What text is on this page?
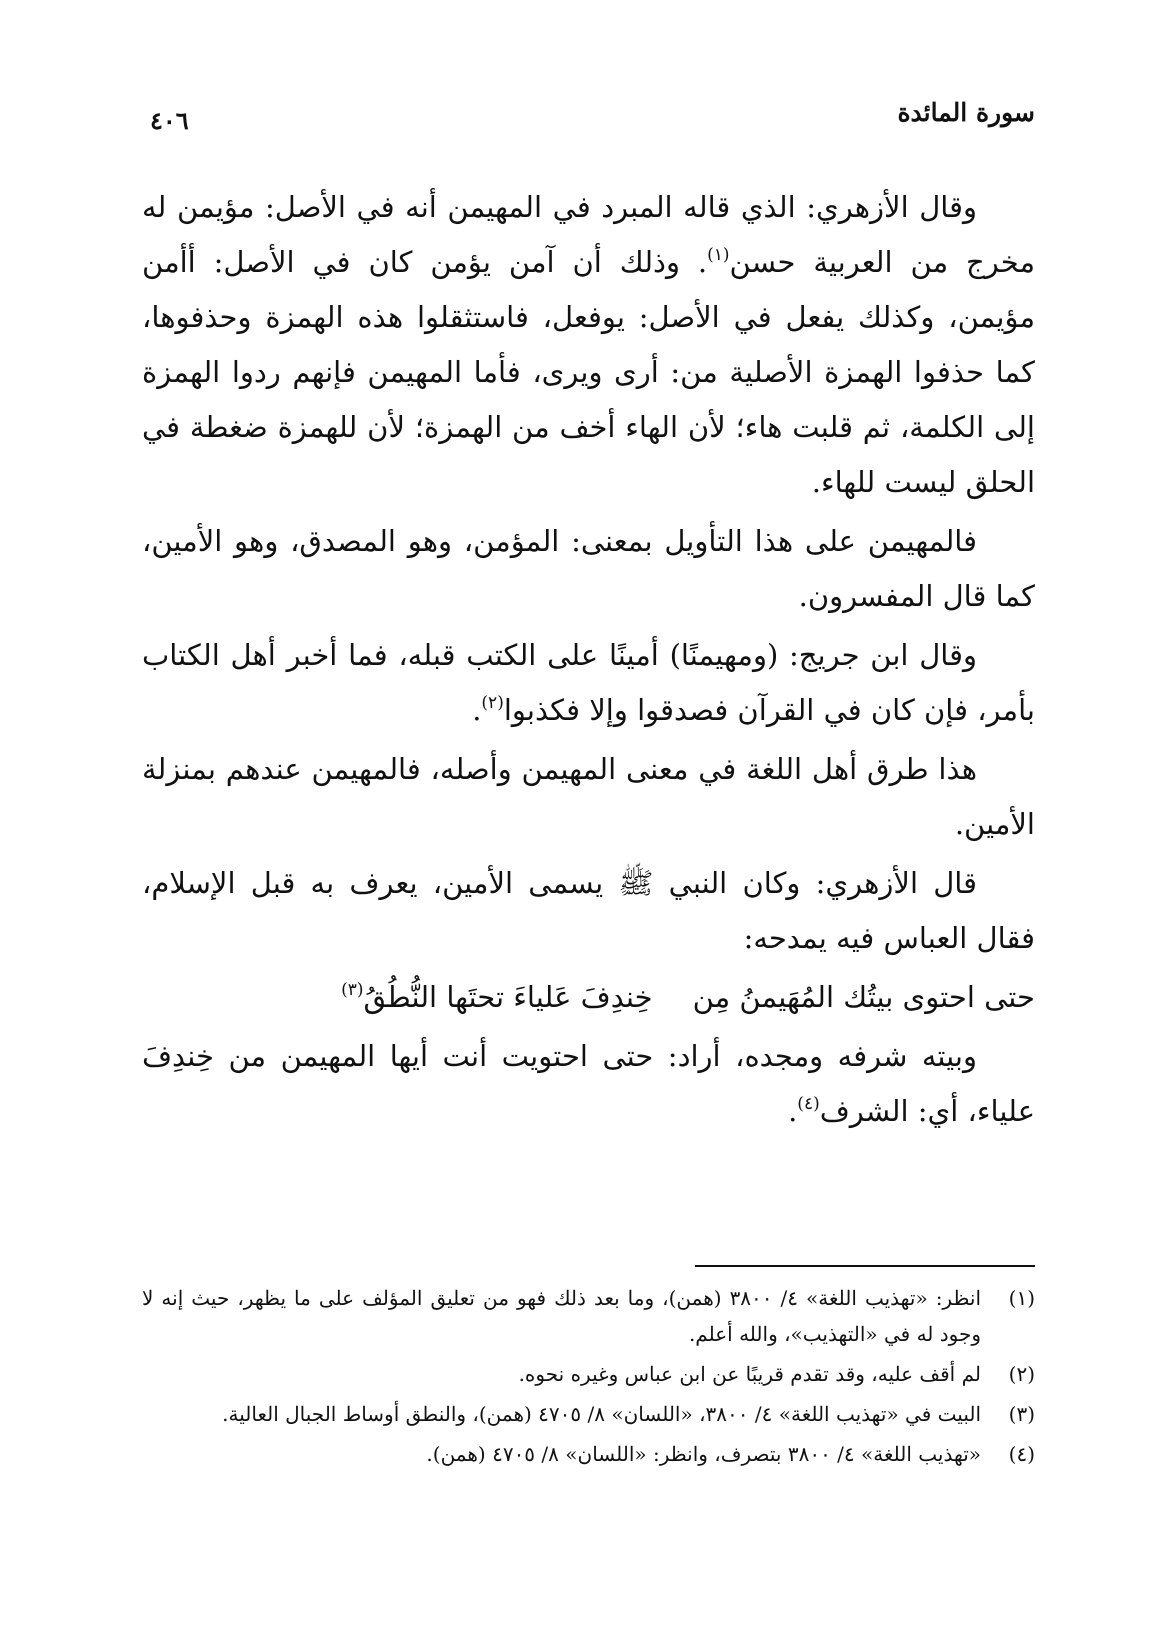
سورة المائدة
٤٠٦

وقال الأزهري: الذي قاله المبرد في المهيمن أنه في الأصل: مؤيمن له مخرج من العربية حسن$^{(١)}$. وذلك أن آمن يؤمن كان في الأصل: أأمن مؤيمن، وكذلك يفعل في الأصل: يوفعل، فاستثقلوا هذه الهمزة وحذفوها، كما حذفوا الهمزة الأصلية من: أرى ويرى، فأما المهيمن فإنهم ردوا الهمزة إلى الكلمة، ثم قلبت هاء؛ لأن الهاء أخف من الهمزة؛ لأن للهمزة ضغطة في الحلق ليست للهاء.

فالمهيمن على هذا التأويل بمعنى: المؤمن، وهو المصدق، وهو الأمين، كما قال المفسرون.

وقال ابن جريج: (ومهيمنًا) أمينًا على الكتب قبله، فما أخبر أهل الكتاب بأمر، فإن كان في القرآن فصدقوا وإلا فكذبوا$^{(٢)}$.

هذا طرق أهل اللغة في معنى المهيمن وأصله، فالمهيمن عندهم بمنزلة الأمين.

قال الأزهري: وكان النبي ﷺ يسمى الأمين، يعرف به قبل الإسلام، فقال العباس فيه يمدحه:

حتى احتوى بيتُك المُهَيمنُ مِنخِندِفَ عَلياءَ تحتَها النُّطُقُ$^{(٣)}$

وبيته شرفه ومجده، أراد: حتى احتويت أنت أيها المهيمن من خِندِفَ علياء، أي: الشرف$^{(٤)}$.

(١)
انظر: «تهذيب اللغة» ٤/ ٣٨٠٠ (همن)، وما بعد ذلك فهو من تعليق المؤلف على ما يظهر، حيث إنه لا وجود له في «التهذيب»، والله أعلم.
(٢)
لم أقف عليه، وقد تقدم قريبًا عن ابن عباس وغيره نحوه.
(٣)
البيت في «تهذيب اللغة» ٤/ ٣٨٠٠، «اللسان» ٨/ ٤٧٠٥ (همن)، والنطق أوساط الجبال العالية.
(٤)
«تهذيب اللغة» ٤/ ٣٨٠٠ بتصرف، وانظر: «اللسان» ٨/ ٤٧٠٥ (همن).
